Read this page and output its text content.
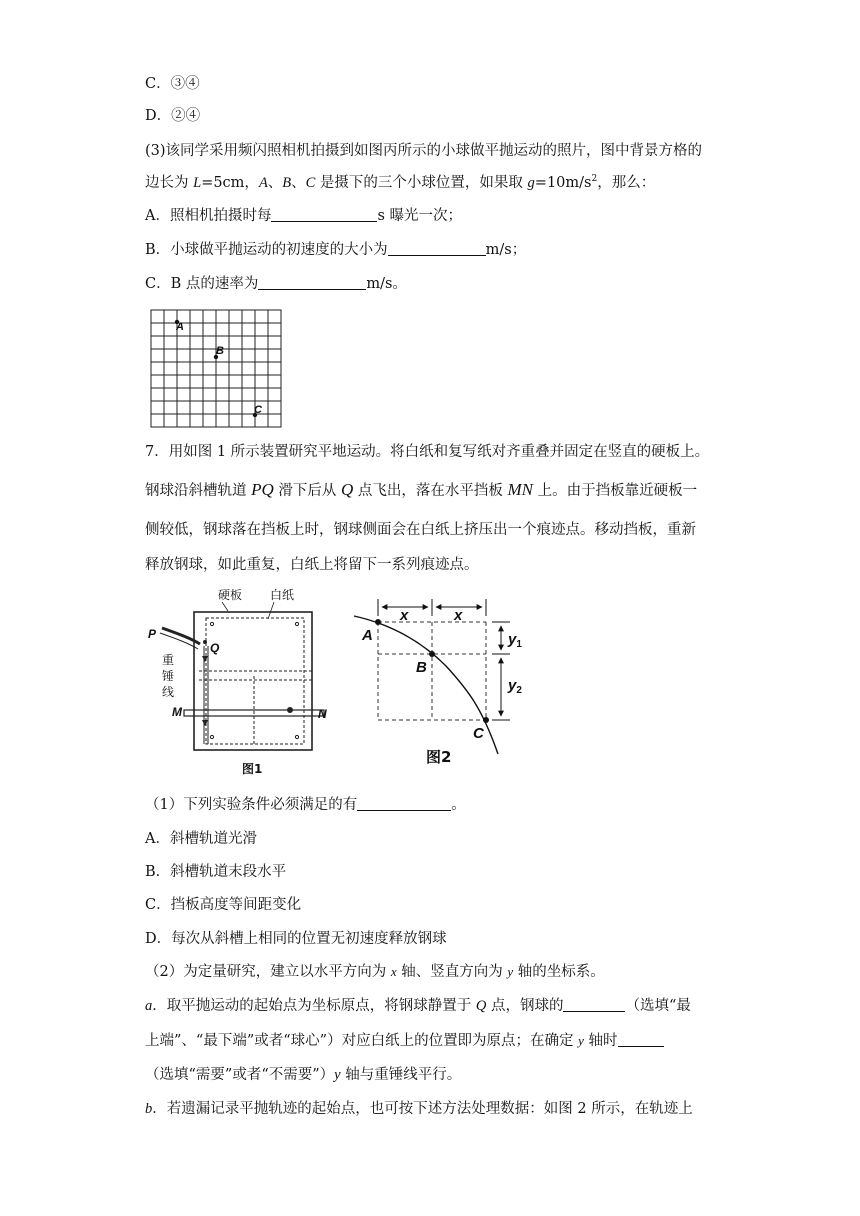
C．③④
D．②④
(3)该同学采用频闪照相机拍摄到如图丙所示的小球做平抛运动的照片，图中背景方格的
边长为 L=5cm，A、B、C 是摄下的三个小球位置，如果取 $g=10m/s^2$，那么：
A．照相机拍摄时每	s 曝光一次；
B．小球做平抛运动的初速度的大小为	m/s；
C．B 点的速率为	m/s。
A
B
C
7．用如图 1 所示装置研究平地运动。将白纸和复写纸对齐重叠并固定在竖直的硬板上。
钢球沿斜槽轨道 PQ 滑下后从 Q 点飞出，落在水平挡板 MN 上。由于挡板靠近硬板一
侧较低，钢球落在挡板上时，钢球侧面会在白纸上挤压出一个痕迹点。移动挡板，重新
释放钢球，如此重复，白纸上将留下一系列痕迹点。
硬板 白纸
P
Q
重
锤
线
M	N
图1
x	x
$y_1$
$y_2$
A
B
C
图2
（1）下列实验条件必须满足的有	。
A．斜槽轨道光滑
B．斜槽轨道末段水平
C．挡板高度等间距变化
D．每次从斜槽上相同的位置无初速度释放钢球
（2）为定量研究，建立以水平方向为 x 轴、竖直方向为 y 轴的坐标系。
a．取平抛运动的起始点为坐标原点，将钢球静置于 Q 点，钢球的	（选填“最
上端”、“最下端”或者“球心”）对应白纸上的位置即为原点；在确定 y 轴时
（选填“需要”或者“不需要”）y 轴与重锤线平行。
b．若遗漏记录平抛轨迹的起始点，也可按下述方法处理数据：如图 2 所示，在轨迹上
